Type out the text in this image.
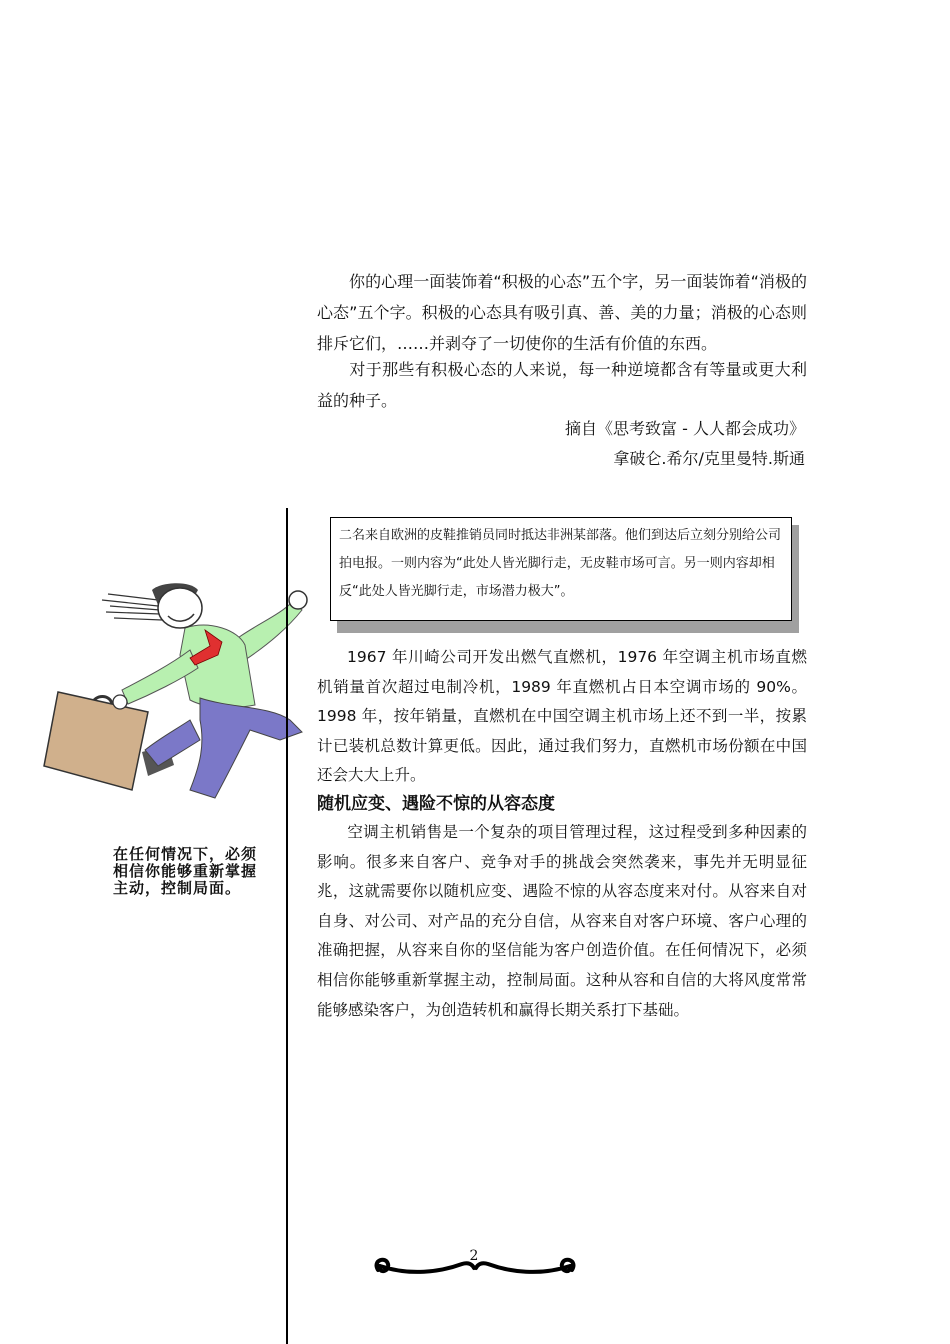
你的心理一面装饰着“积极的心态”五个字，另一面装饰着“消极的心态”五个字。积极的心态具有吸引真、善、美的力量；消极的心态则排斥它们，……并剥夺了一切使你的生活有价值的东西。

对于那些有积极心态的人来说，每一种逆境都含有等量或更大利益的种子。

摘自《思考致富 - 人人都会成功》
拿破仑.希尔/克里曼特.斯通
二名来自欧洲的皮鞋推销员同时抵达非洲某部落。他们到达后立刻分别给公司拍电报。一则内容为“此处人皆光脚行走，无皮鞋市场可言。另一则内容却相反“此处人皆光脚行走，市场潜力极大”。

1967 年川崎公司开发出燃气直燃机，1976 年空调主机市场直燃机销量首次超过电制冷机，1989 年直燃机占日本空调市场的 90%。1998 年，按年销量，直燃机在中国空调主机市场上还不到一半，按累计已装机总数计算更低。因此，通过我们努力，直燃机市场份额在中国还会大大上升。

随机应变、遇险不惊的从容态度

空调主机销售是一个复杂的项目管理过程，这过程受到多种因素的影响。很多来自客户、竞争对手的挑战会突然袭来，事先并无明显征兆，这就需要你以随机应变、遇险不惊的从容态度来对付。从容来自对自身、对公司、对产品的充分自信，从容来自对客户环境、客户心理的准确把握，从容来自你的坚信能为客户创造价值。在任何情况下，必须相信你能够重新掌握主动，控制局面。这种从容和自信的大将风度常常能够感染客户，为创造转机和赢得长期关系打下基础。

在任何情况下，必须相信你能够重新掌握主动，控制局面。
2
